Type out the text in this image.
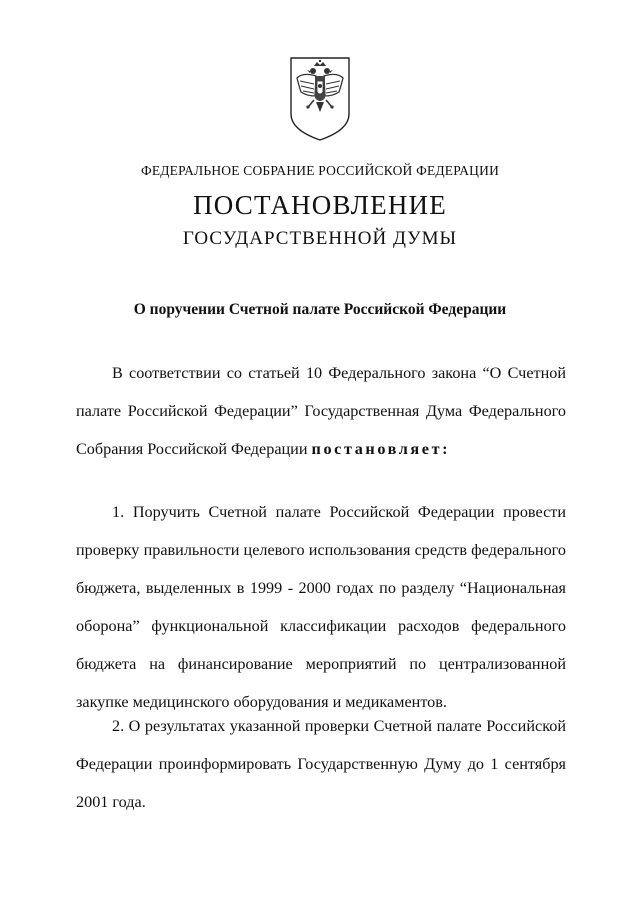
ФЕДЕРАЛЬНОЕ СОБРАНИЕ РОССИЙСКОЙ ФЕДЕРАЦИИ
ПОСТАНОВЛЕНИЕ
ГОСУДАРСТВЕННОЙ ДУМЫ
О поручении Счетной палате Российской Федерации

В соответствии со статьей 10 Федерального закона “О Счетной палате Российской Федерации” Государственная Дума Федерального Собрания Российской Федерации постановляет:

1. Поручить Счетной палате Российской Федерации провести проверку правильности целевого использования средств федерального бюджета, выделенных в 1999 - 2000 годах по разделу “Национальная оборона” функциональной классификации расходов федерального бюджета на финансирование мероприятий по централизованной закупке медицинского оборудования и медикаментов.

2. О результатах указанной проверки Счетной палате Российской Федерации проинформировать Государственную Думу до 1 сентября 2001 года.
